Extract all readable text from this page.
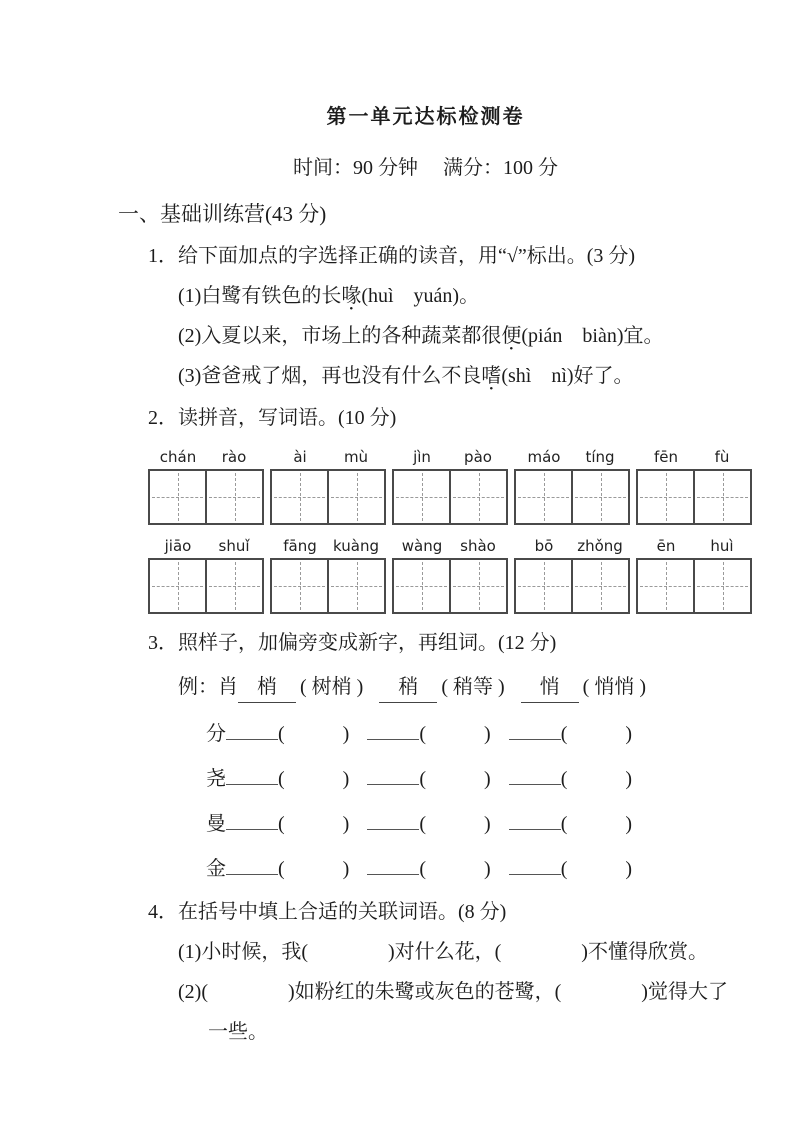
第一单元达标检测卷
时间：90 分钟　 满分：100 分
一、基础训练营(43 分)
1．给下面加点的字选择正确的读音，用“√”标出。(3 分)
(1)白鹭有铁色的长喙(huì　yuán)。
(2)入夏以来，市场上的各种蔬菜都很便(pián　biàn)宜。
(3)爸爸戒了烟，再也没有什么不良嗜(shì　nì)好了。
2．读拼音，写词语。(10 分)
chán	rào	ài	mù	jìn	pào	máo	tíng	fēn	fù
jiāo	shuǐ	fāng	kuàng	wàng	shào	bō	zhǒng	ēn	huì
3．照样子，加偏旁变成新字，再组词。(12 分)
例：肖 梢 ( 树梢 ) 稍 ( 稍等 ) 悄 ( 悄悄 )
分	(	)	(	)	(	)
尧	(	)	(	)	(	)
曼	(	)	(	)	(	)
金	(	)	(	)	(	)
4．在括号中填上合适的关联词语。(8 分)
(1)小时候，我(　　　　)对什么花，(　　　　)不懂得欣赏。
(2)(　　　　)如粉红的朱鹭或灰色的苍鹭，(　　　　)觉得大了
一些。
